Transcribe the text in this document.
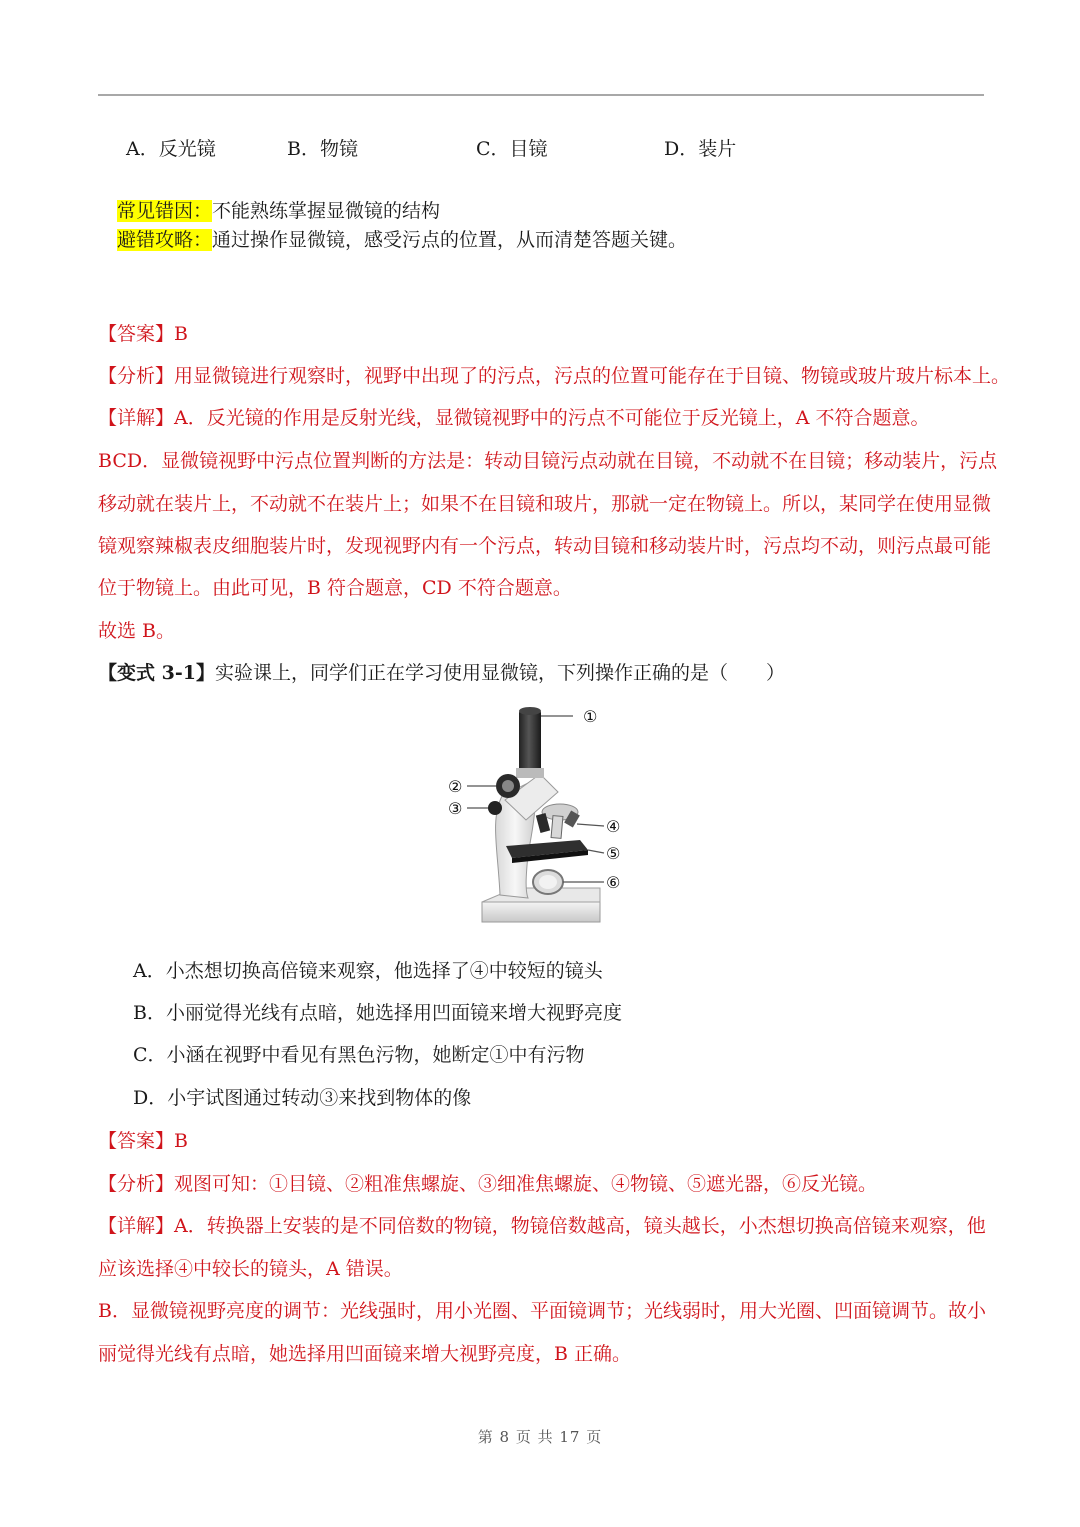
A．反光镜	B．物镜	C．目镜	D．装片
常见错因：不能熟练掌握显微镜的结构
避错攻略：通过操作显微镜，感受污点的位置，从而清楚答题关键。
【答案】B
【分析】用显微镜进行观察时，视野中出现了的污点，污点的位置可能存在于目镜、物镜或玻片玻片标本上。
【详解】A．反光镜的作用是反射光线，显微镜视野中的污点不可能位于反光镜上，A 不符合题意。
BCD．显微镜视野中污点位置判断的方法是：转动目镜污点动就在目镜，不动就不在目镜；移动装片，污点
移动就在装片上，不动就不在装片上；如果不在目镜和玻片，那就一定在物镜上。所以，某同学在使用显微
镜观察辣椒表皮细胞装片时，发现视野内有一个污点，转动目镜和移动装片时，污点均不动，则污点最可能
位于物镜上。由此可见，B 符合题意，CD 不符合题意。
故选 B。
【变式 3-1】实验课上，同学们正在学习使用显微镜，下列操作正确的是（　　）
①
②
③
④
⑤
⑥
A．小杰想切换高倍镜来观察，他选择了④中较短的镜头
B．小丽觉得光线有点暗，她选择用凹面镜来增大视野亮度
C．小涵在视野中看见有黑色污物，她断定①中有污物
D．小宇试图通过转动③来找到物体的像
【答案】B
【分析】观图可知：①目镜、②粗准焦螺旋、③细准焦螺旋、④物镜、⑤遮光器，⑥反光镜。
【详解】A．转换器上安装的是不同倍数的物镜，物镜倍数越高，镜头越长，小杰想切换高倍镜来观察，他
应该选择④中较长的镜头，A 错误。
B．显微镜视野亮度的调节：光线强时，用小光圈、平面镜调节；光线弱时，用大光圈、凹面镜调节。故小
丽觉得光线有点暗，她选择用凹面镜来增大视野亮度，B 正确。
第 8 页 共 17 页
